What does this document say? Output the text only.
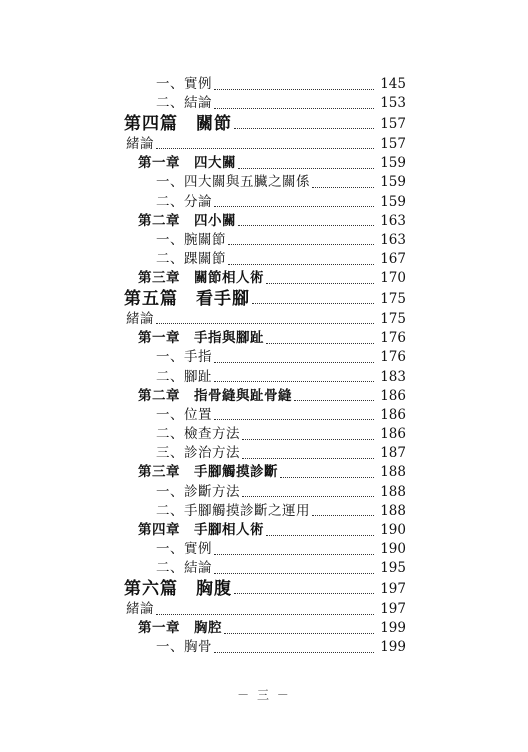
一、實例	145
二、結論	153
第四篇　關節	157
緒論	157
第一章　四大關	159
一、四大關與五臟之關係	159
二、分論	159
第二章　四小關	163
一、腕關節	163
二、踝關節	167
第三章　關節相人術	170
第五篇　看手腳	175
緒論	175
第一章　手指與腳趾	176
一、手指	176
二、腳趾	183
第二章　指骨縫與趾骨縫	186
一、位置	186
二、檢查方法	186
三、診治方法	187
第三章　手腳觸摸診斷	188
一、診斷方法	188
二、手腳觸摸診斷之運用	188
第四章　手腳相人術	190
一、實例	190
二、結論	195
第六篇　胸腹	197
緒論	197
第一章　胸腔	199
一、胸骨	199
－ 三 －
